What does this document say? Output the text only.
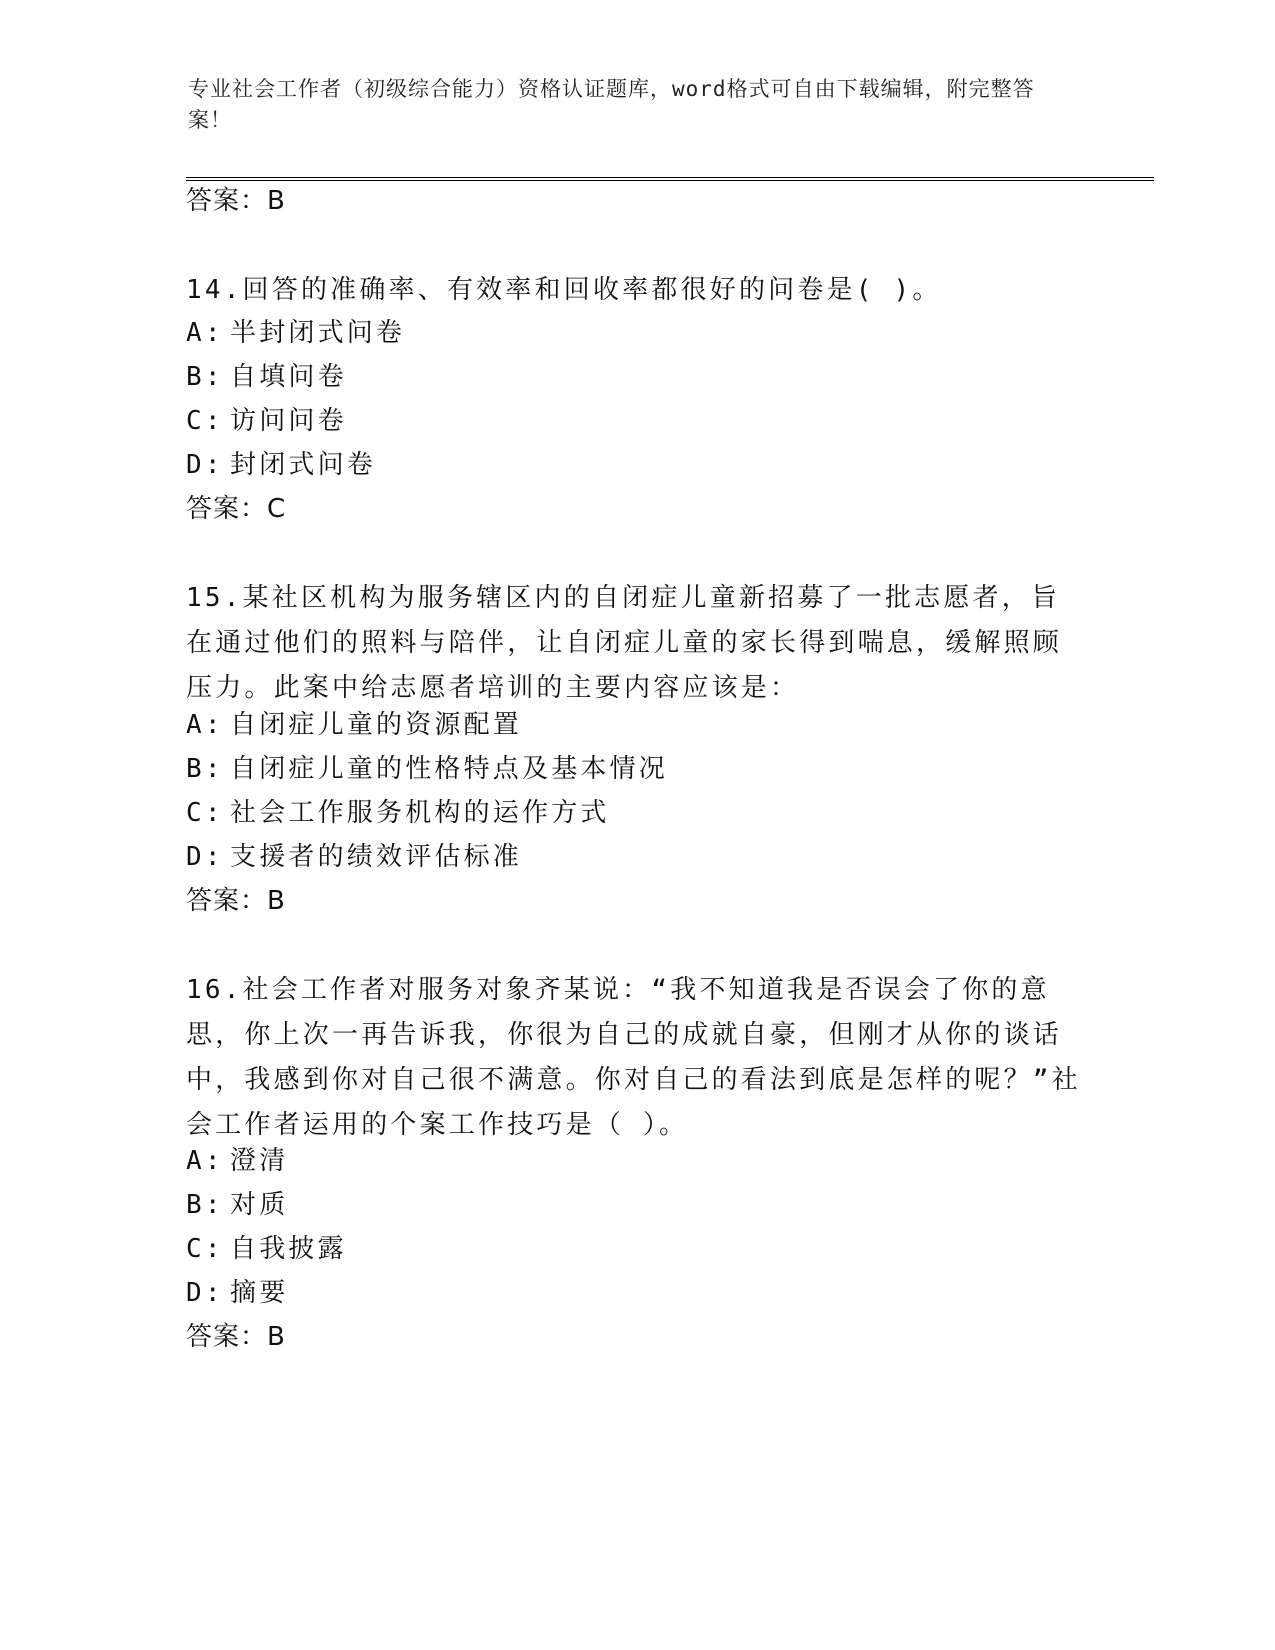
专业社会工作者（初级综合能力）资格认证题库，word格式可自由下载编辑，附完整答案！
答案：B
14.回答的准确率、有效率和回收率都很好的问卷是( )。
A: 半封闭式问卷
B: 自填问卷
C: 访问问卷
D: 封闭式问卷
答案：C
15.某社区机构为服务辖区内的自闭症儿童新招募了一批志愿者，旨在通过他们的照料与陪伴，让自闭症儿童的家长得到喘息，缓解照顾压力。此案中给志愿者培训的主要内容应该是：
A: 自闭症儿童的资源配置
B: 自闭症儿童的性格特点及基本情况
C: 社会工作服务机构的运作方式
D: 支援者的绩效评估标准
答案：B
16.社会工作者对服务对象齐某说：“我不知道我是否误会了你的意思，你上次一再告诉我，你很为自己的成就自豪，但刚才从你的谈话中，我感到你对自己很不满意。你对自己的看法到底是怎样的呢？”社会工作者运用的个案工作技巧是（ ）。
A: 澄清
B: 对质
C: 自我披露
D: 摘要
答案：B
